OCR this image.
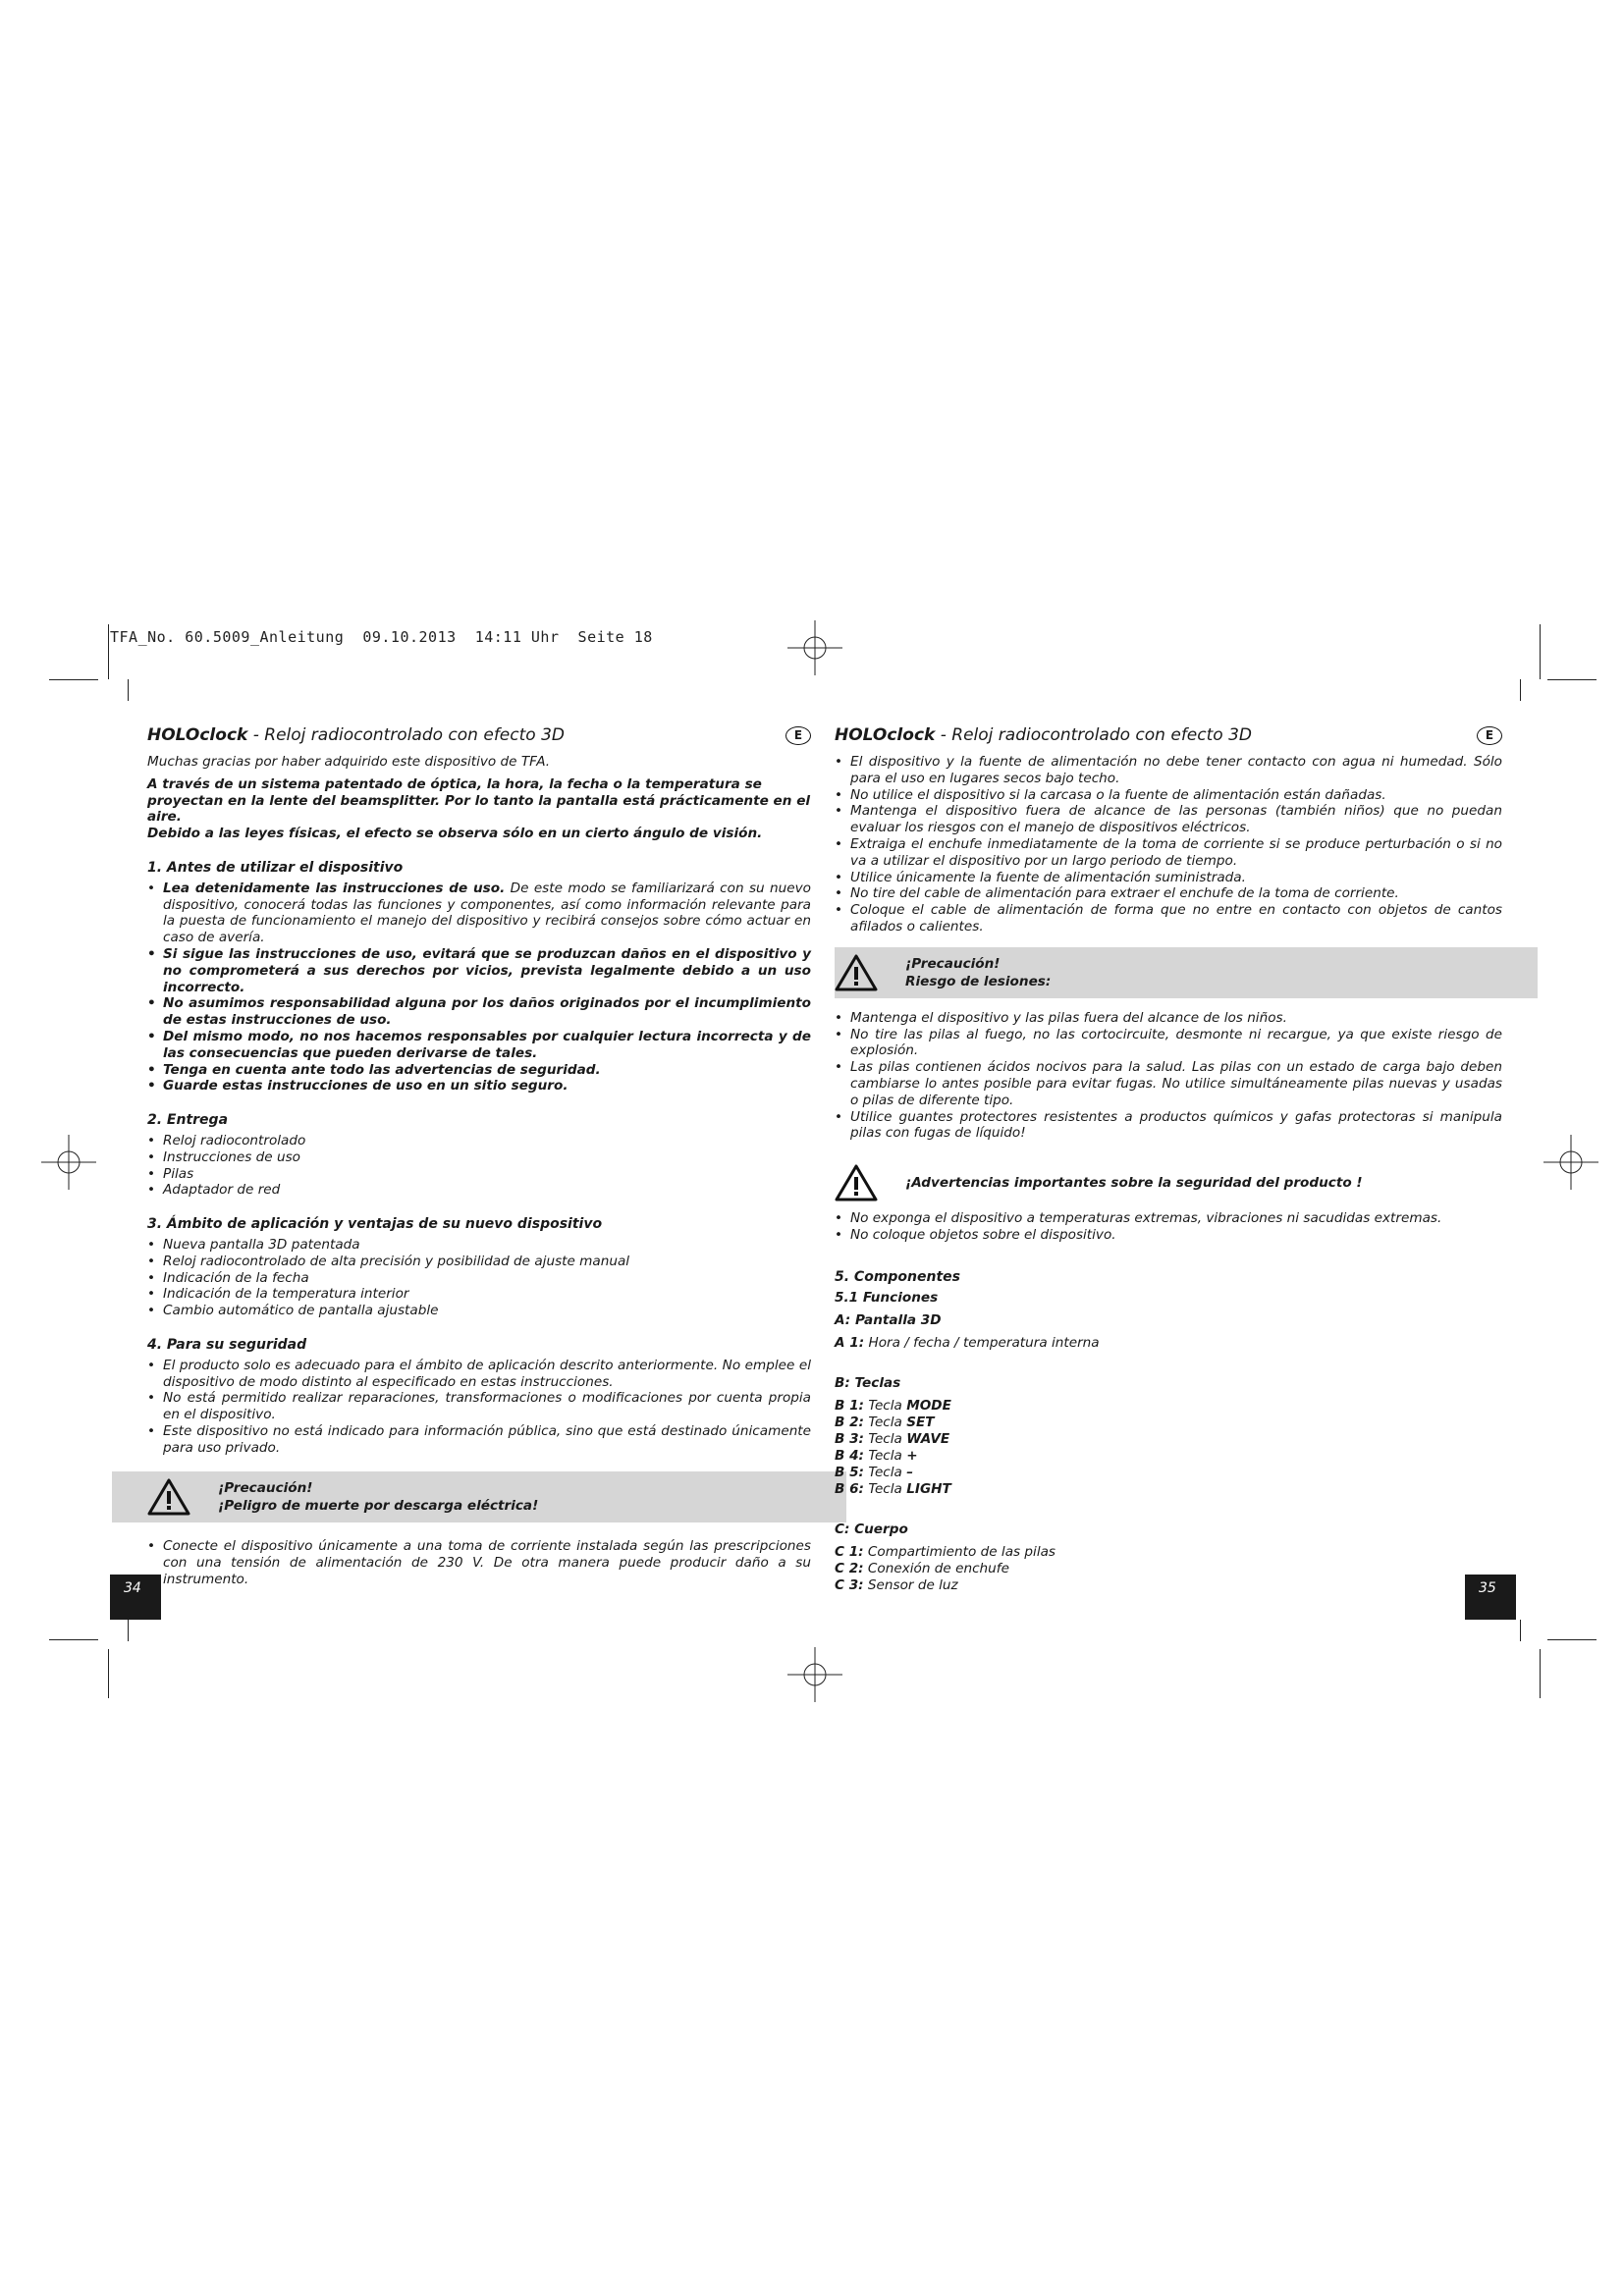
TFA_No. 60.5009_Anleitung  09.10.2013  14:11 Uhr  Seite 18
HOLOclock - Reloj radiocontrolado con efecto 3D	E

Muchas gracias por haber adquirido este dispositivo de TFA.

A través de un sistema patentado de óptica, la hora, la fecha o la temperatura se proyectan en la lente del beamsplitter. Por lo tanto la pantalla está prácticamente en el aire.

Debido a las leyes físicas, el efecto se observa sólo en un cierto ángulo de visión.

1. Antes de utilizar el dispositivo
• Lea detenidamente las instrucciones de uso. De este modo se familiarizará con su nuevo dispositivo, conocerá todas las funciones y componentes, así como información relevante para la puesta de funcionamiento el manejo del dispositivo y recibirá consejos sobre cómo actuar en caso de avería.
• Si sigue las instrucciones de uso, evitará que se produzcan daños en el dispositivo y no comprometerá a sus derechos por vicios, prevista legalmente debido a un uso incorrecto.
• No asumimos responsabilidad alguna por los daños originados por el incumplimiento de estas instrucciones de uso.
• Del mismo modo, no nos hacemos responsables por cualquier lectura incorrecta y de las consecuencias que pueden derivarse de tales.
• Tenga en cuenta ante todo las advertencias de seguridad.
• Guarde estas instrucciones de uso en un sitio seguro.
2. Entrega
• Reloj radiocontrolado
• Instrucciones de uso
• Pilas
• Adaptador de red
3. Ámbito de aplicación y ventajas de su nuevo dispositivo
• Nueva pantalla 3D patentada
• Reloj radiocontrolado de alta precisión y posibilidad de ajuste manual
• Indicación de la fecha
• Indicación de la temperatura interior
• Cambio automático de pantalla ajustable
4. Para su seguridad
• El producto solo es adecuado para el ámbito de aplicación descrito anteriormente. No emplee el dispositivo de modo distinto al especificado en estas instrucciones.
• No está permitido realizar reparaciones, transformaciones o modificaciones por cuenta propia en el dispositivo.
• Este dispositivo no está indicado para información pública, sino que está destinado únicamente para uso privado.
¡Precaución!
¡Peligro de muerte por descarga eléctrica!
• Conecte el dispositivo únicamente a una toma de corriente instalada según las prescripciones con una tensión de alimentación de 230 V. De otra manera puede producir daño a su instrumento.
HOLOclock - Reloj radiocontrolado con efecto 3D	E
• El dispositivo y la fuente de alimentación no debe tener contacto con agua ni humedad. Sólo para el uso en lugares secos bajo techo.
• No utilice el dispositivo si la carcasa o la fuente de alimentación están dañadas.
• Mantenga el dispositivo fuera de alcance de las personas (también niños) que no puedan evaluar los riesgos con el manejo de dispositivos eléctricos.
• Extraiga el enchufe inmediatamente de la toma de corriente si se produce perturbación o si no va a utilizar el dispositivo por un largo periodo de tiempo.
• Utilice únicamente la fuente de alimentación suministrada.
• No tire del cable de alimentación para extraer el enchufe de la toma de corriente.
• Coloque el cable de alimentación de forma que no entre en contacto con objetos de cantos afilados o calientes.
¡Precaución!
Riesgo de lesiones:
• Mantenga el dispositivo y las pilas fuera del alcance de los niños.
• No tire las pilas al fuego, no las cortocircuite, desmonte ni recargue, ya que existe riesgo de explosión.
• Las pilas contienen ácidos nocivos para la salud. Las pilas con un estado de carga bajo deben cambiarse lo antes posible para evitar fugas. No utilice simultáneamente pilas nuevas y usadas o pilas de diferente tipo.
• Utilice guantes protectores resistentes a productos químicos y gafas protectoras si manipula pilas con fugas de líquido!
¡Advertencias importantes sobre la seguridad del producto !
• No exponga el dispositivo a temperaturas extremas, vibraciones ni sacudidas extremas.
• No coloque objetos sobre el dispositivo.
5. Componentes
5.1 Funciones
A: Pantalla 3D
A 1: Hora / fecha / temperatura interna
B: Teclas
B 1: Tecla MODE
B 2: Tecla SET
B 3: Tecla WAVE
B 4: Tecla +
B 5: Tecla –
B 6: Tecla LIGHT
C: Cuerpo
C 1: Compartimiento de las pilas
C 2: Conexión de enchufe
C 3: Sensor de luz
34	35
